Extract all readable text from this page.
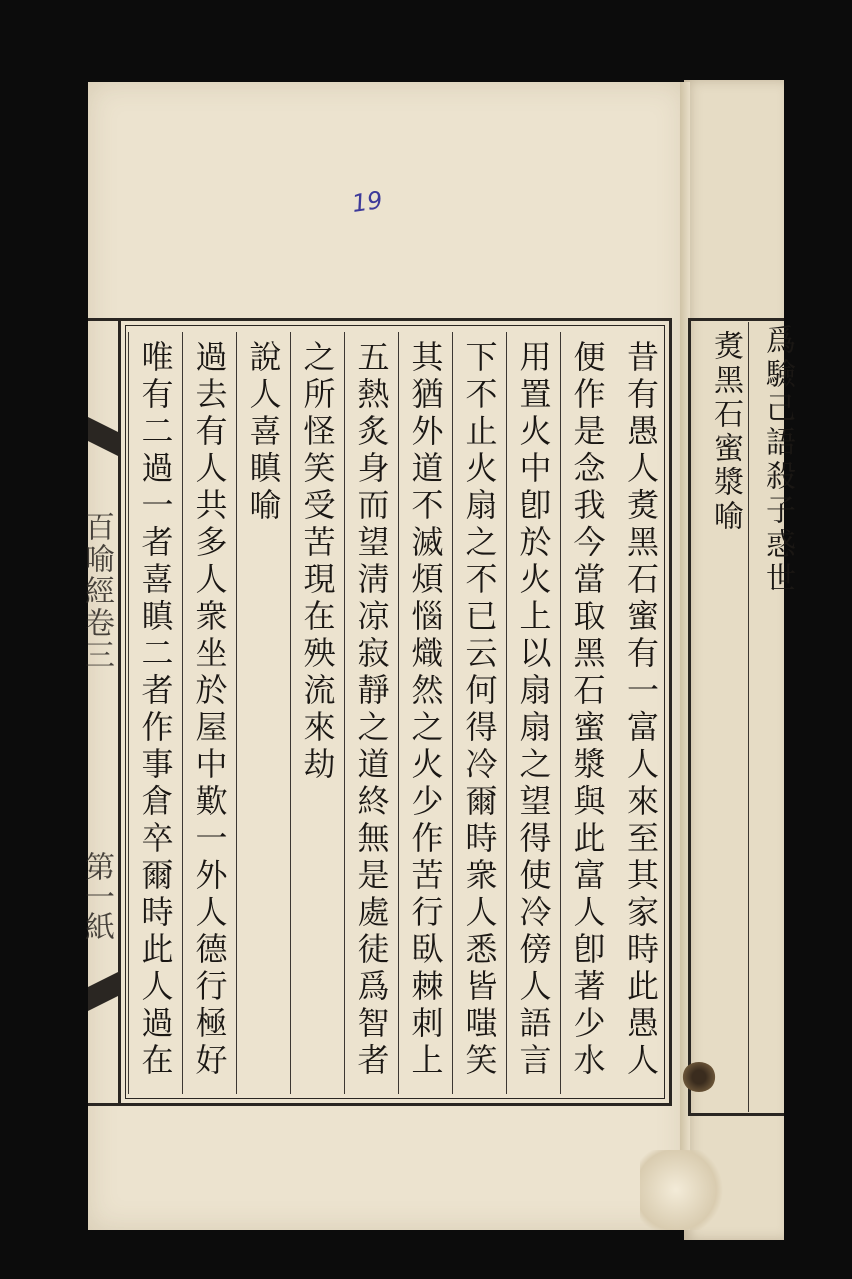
19
百喻經卷三
第一紙	昔有愚人煑黑石蜜有一富人來至其家時此愚人
便作是念我今當取黑石蜜漿與此富人卽著少水
用置火中卽於火上以扇扇之望得使冷傍人語言
下不止火扇之不已云何得冷爾時衆人悉皆嗤笑
其猶外道不滅煩惱熾然之火少作苦行臥棘刺上
五熱炙身而望淸凉寂靜之道終無是處徒爲智者
之所怪笑受苦現在殃流來劫
說人喜瞋喻
過去有人共多人衆坐於屋中歎一外人德行極好
唯有二過一者喜瞋二者作事倉卒爾時此人過在	爲驗己語殺子惑世
煑黑石蜜漿喻
